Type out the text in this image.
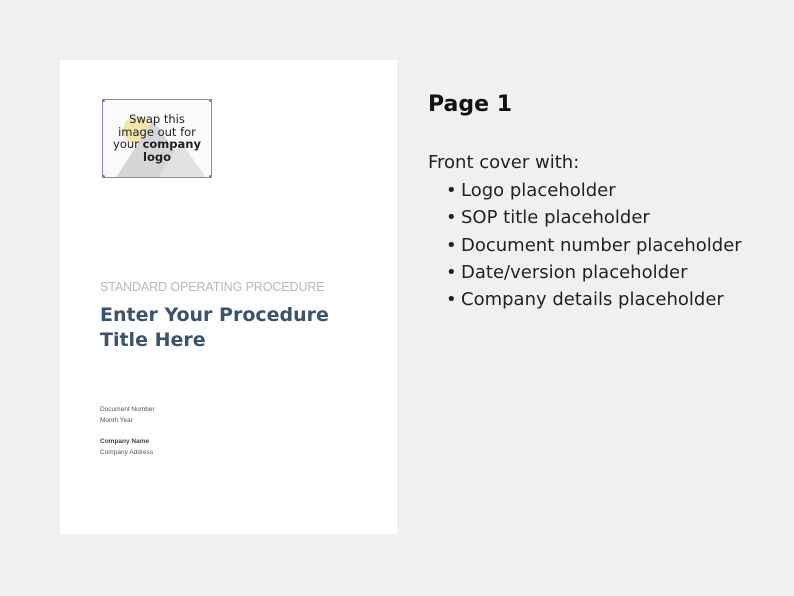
Swap this
image out for
your company
logo
STANDARD OPERATING PROCEDURE
Enter Your Procedure
Title Here
Document Number
Month Year
Company Name
Company Address
Page 1
Front cover with:
• Logo placeholder
• SOP title placeholder
• Document number placeholder
• Date/version placeholder
• Company details placeholder
